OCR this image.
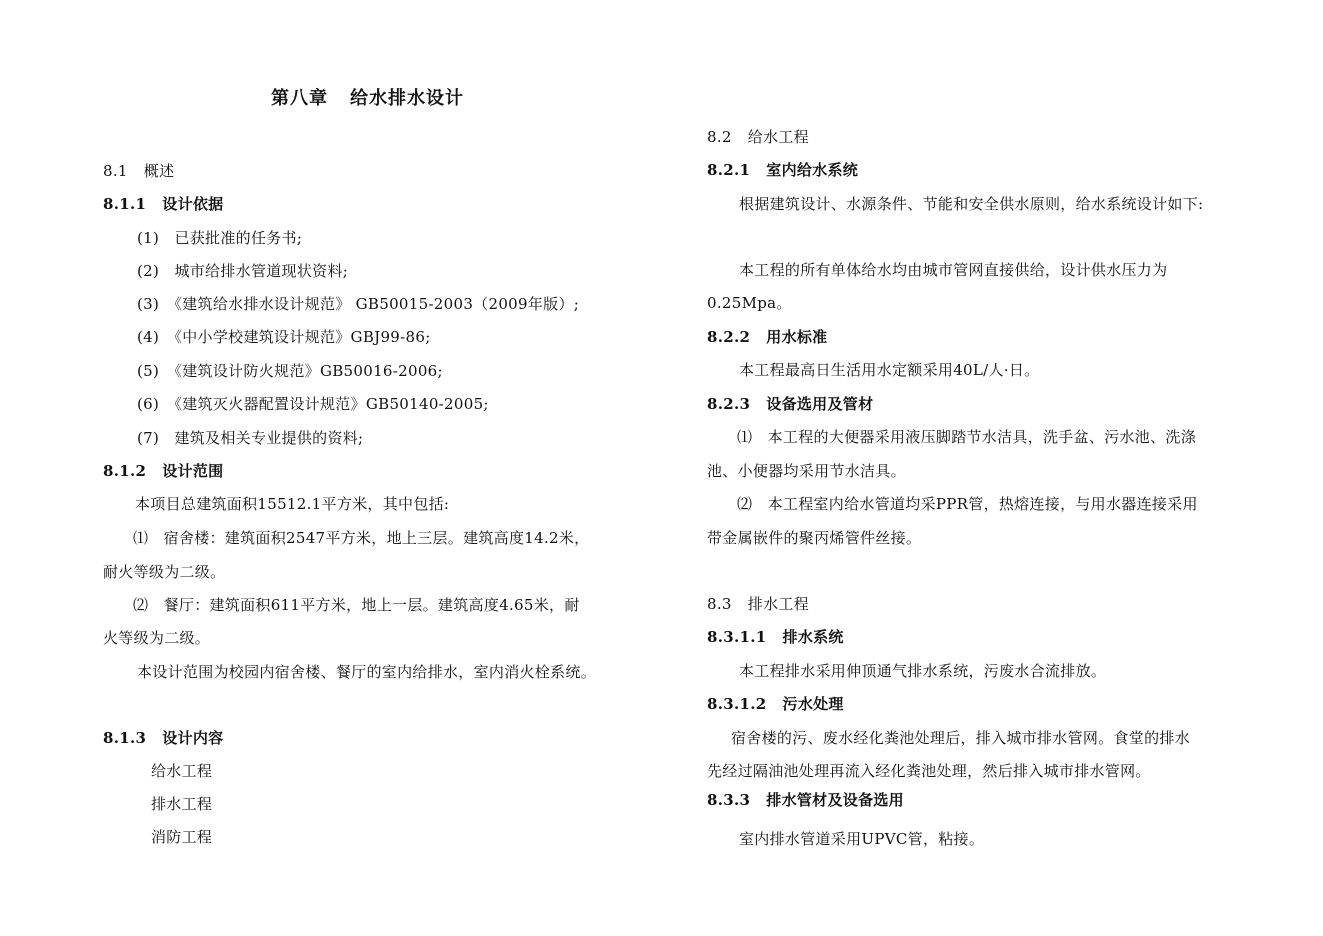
第八章 给水排水设计
8.1 概述
8.1.1 设计依据
(1)　已获批准的任务书;
(2)　城市给排水管道现状资料;
(3)　《建筑给水排水设计规范》 GB50015-2003（2009年版）;
(4)　《中小学校建筑设计规范》GBJ99-86;
(5)　《建筑设计防火规范》GB50016-2006;
(6)　《建筑灭火器配置设计规范》GB50140-2005;
(7)　建筑及相关专业提供的资料;
8.1.2 设计范围
本项目总建筑面积15512.1平方米，其中包括:
⑴　宿舍楼：建筑面积2547平方米，地上三层。建筑高度14.2米，
耐火等级为二级。
⑵　餐厅：建筑面积611平方米，地上一层。建筑高度4.65米，耐
火等级为二级。
本设计范围为校园内宿舍楼、餐厅的室内给排水，室内消火栓系统。
8.1.3 设计内容
给水工程
排水工程
消防工程
8.2 给水工程
8.2.1 室内给水系统
根据建筑设计、水源条件、节能和安全供水原则，给水系统设计如下:
本工程的所有单体给水均由城市管网直接供给，设计供水压力为
0.25Mpa。
8.2.2 用水标准
本工程最高日生活用水定额采用40L/人·日。
8.2.3 设备选用及管材
⑴　本工程的大便器采用液压脚踏节水洁具，洗手盆、污水池、洗涤
池、小便器均采用节水洁具。
⑵　本工程室内给水管道均采PPR管，热熔连接，与用水器连接采用
带金属嵌件的聚丙烯管件丝接。
8.3 排水工程
8.3.1.1 排水系统
本工程排水采用伸顶通气排水系统，污废水合流排放。
8.3.1.2 污水处理
宿舍楼的污、废水经化粪池处理后，排入城市排水管网。食堂的排水
先经过隔油池处理再流入经化粪池处理，然后排入城市排水管网。
8.3.3 排水管材及设备选用
室内排水管道采用UPVC管，粘接。
